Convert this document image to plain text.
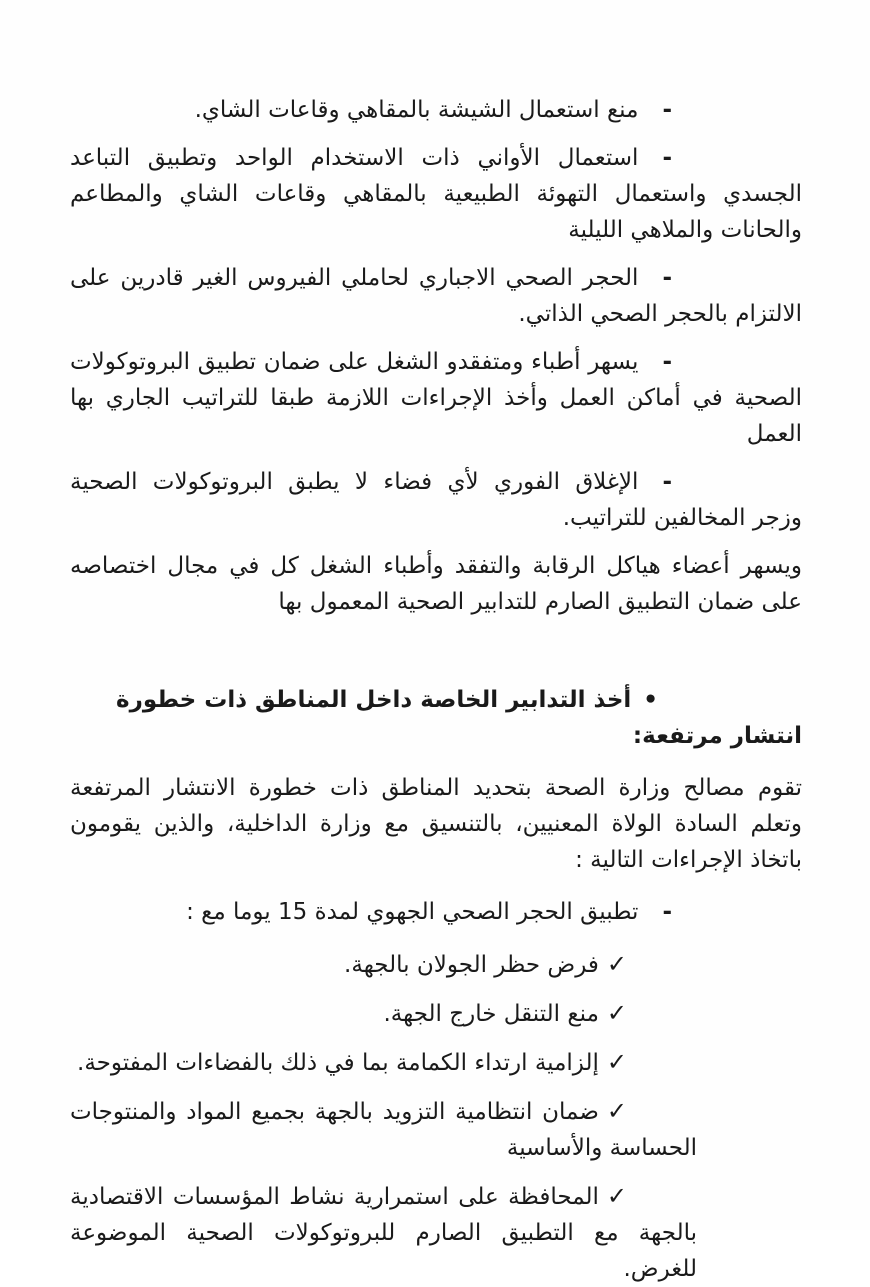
-منع استعمال الشيشة بالمقاهي وقاعات الشاي.

-استعمال الأواني ذات الاستخدام الواحد وتطبيق التباعد الجسدي واستعمال التهوئة الطبيعية بالمقاهي وقاعات الشاي والمطاعم والحانات والملاهي الليلية

-الحجر الصحي الاجباري لحاملي الفيروس الغير قادرين على الالتزام بالحجر الصحي الذاتي.

-يسهر أطباء ومتفقدو الشغل على ضمان تطبيق البروتوكولات الصحية في أماكن العمل وأخذ الإجراءات اللازمة طبقا للتراتيب الجاري بها العمل

-الإغلاق الفوري لأي فضاء لا يطبق البروتوكولات الصحية وزجر المخالفين للتراتيب.

ويسهر أعضاء هياكل الرقابة والتفقد وأطباء الشغل كل في مجال اختصاصه على ضمان التطبيق الصارم للتدابير الصحية المعمول بها

•أخذ التدابير الخاصة داخل المناطق ذات خطورة انتشار مرتفعة:

تقوم مصالح وزارة الصحة بتحديد المناطق ذات خطورة الانتشار المرتفعة وتعلم السادة الولاة المعنيين، بالتنسيق مع وزارة الداخلية، والذين يقومون باتخاذ الإجراءات التالية :

-تطبيق الحجر الصحي الجهوي لمدة 15 يوما مع :

✓فرض حظر الجولان بالجهة.

✓منع التنقل خارج الجهة.

✓إلزامية ارتداء الكمامة بما في ذلك بالفضاءات المفتوحة.

✓ضمان انتظامية التزويد بالجهة بجميع المواد والمنتوجات الحساسة والأساسية

✓المحافظة على استمرارية نشاط المؤسسات الاقتصادية بالجهة مع التطبيق الصارم للبروتوكولات الصحية الموضوعة للغرض.
